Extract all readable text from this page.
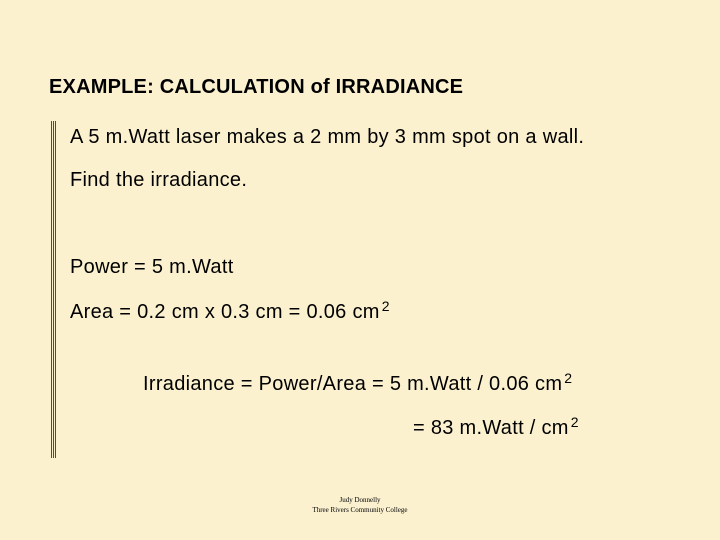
EXAMPLE: CALCULATION of IRRADIANCE
A 5 m.Watt laser makes a 2 mm by 3 mm spot on a wall.
Find the irradiance.
Power = 5 m.Watt
Area = 0.2 cm x 0.3 cm = 0.06 cm $^2$
Irradiance = Power/Area = 5 m.Watt / 0.06 cm $^2$
= 83 m.Watt / cm $^2$
Judy Donnelly
Three Rivers Community College
